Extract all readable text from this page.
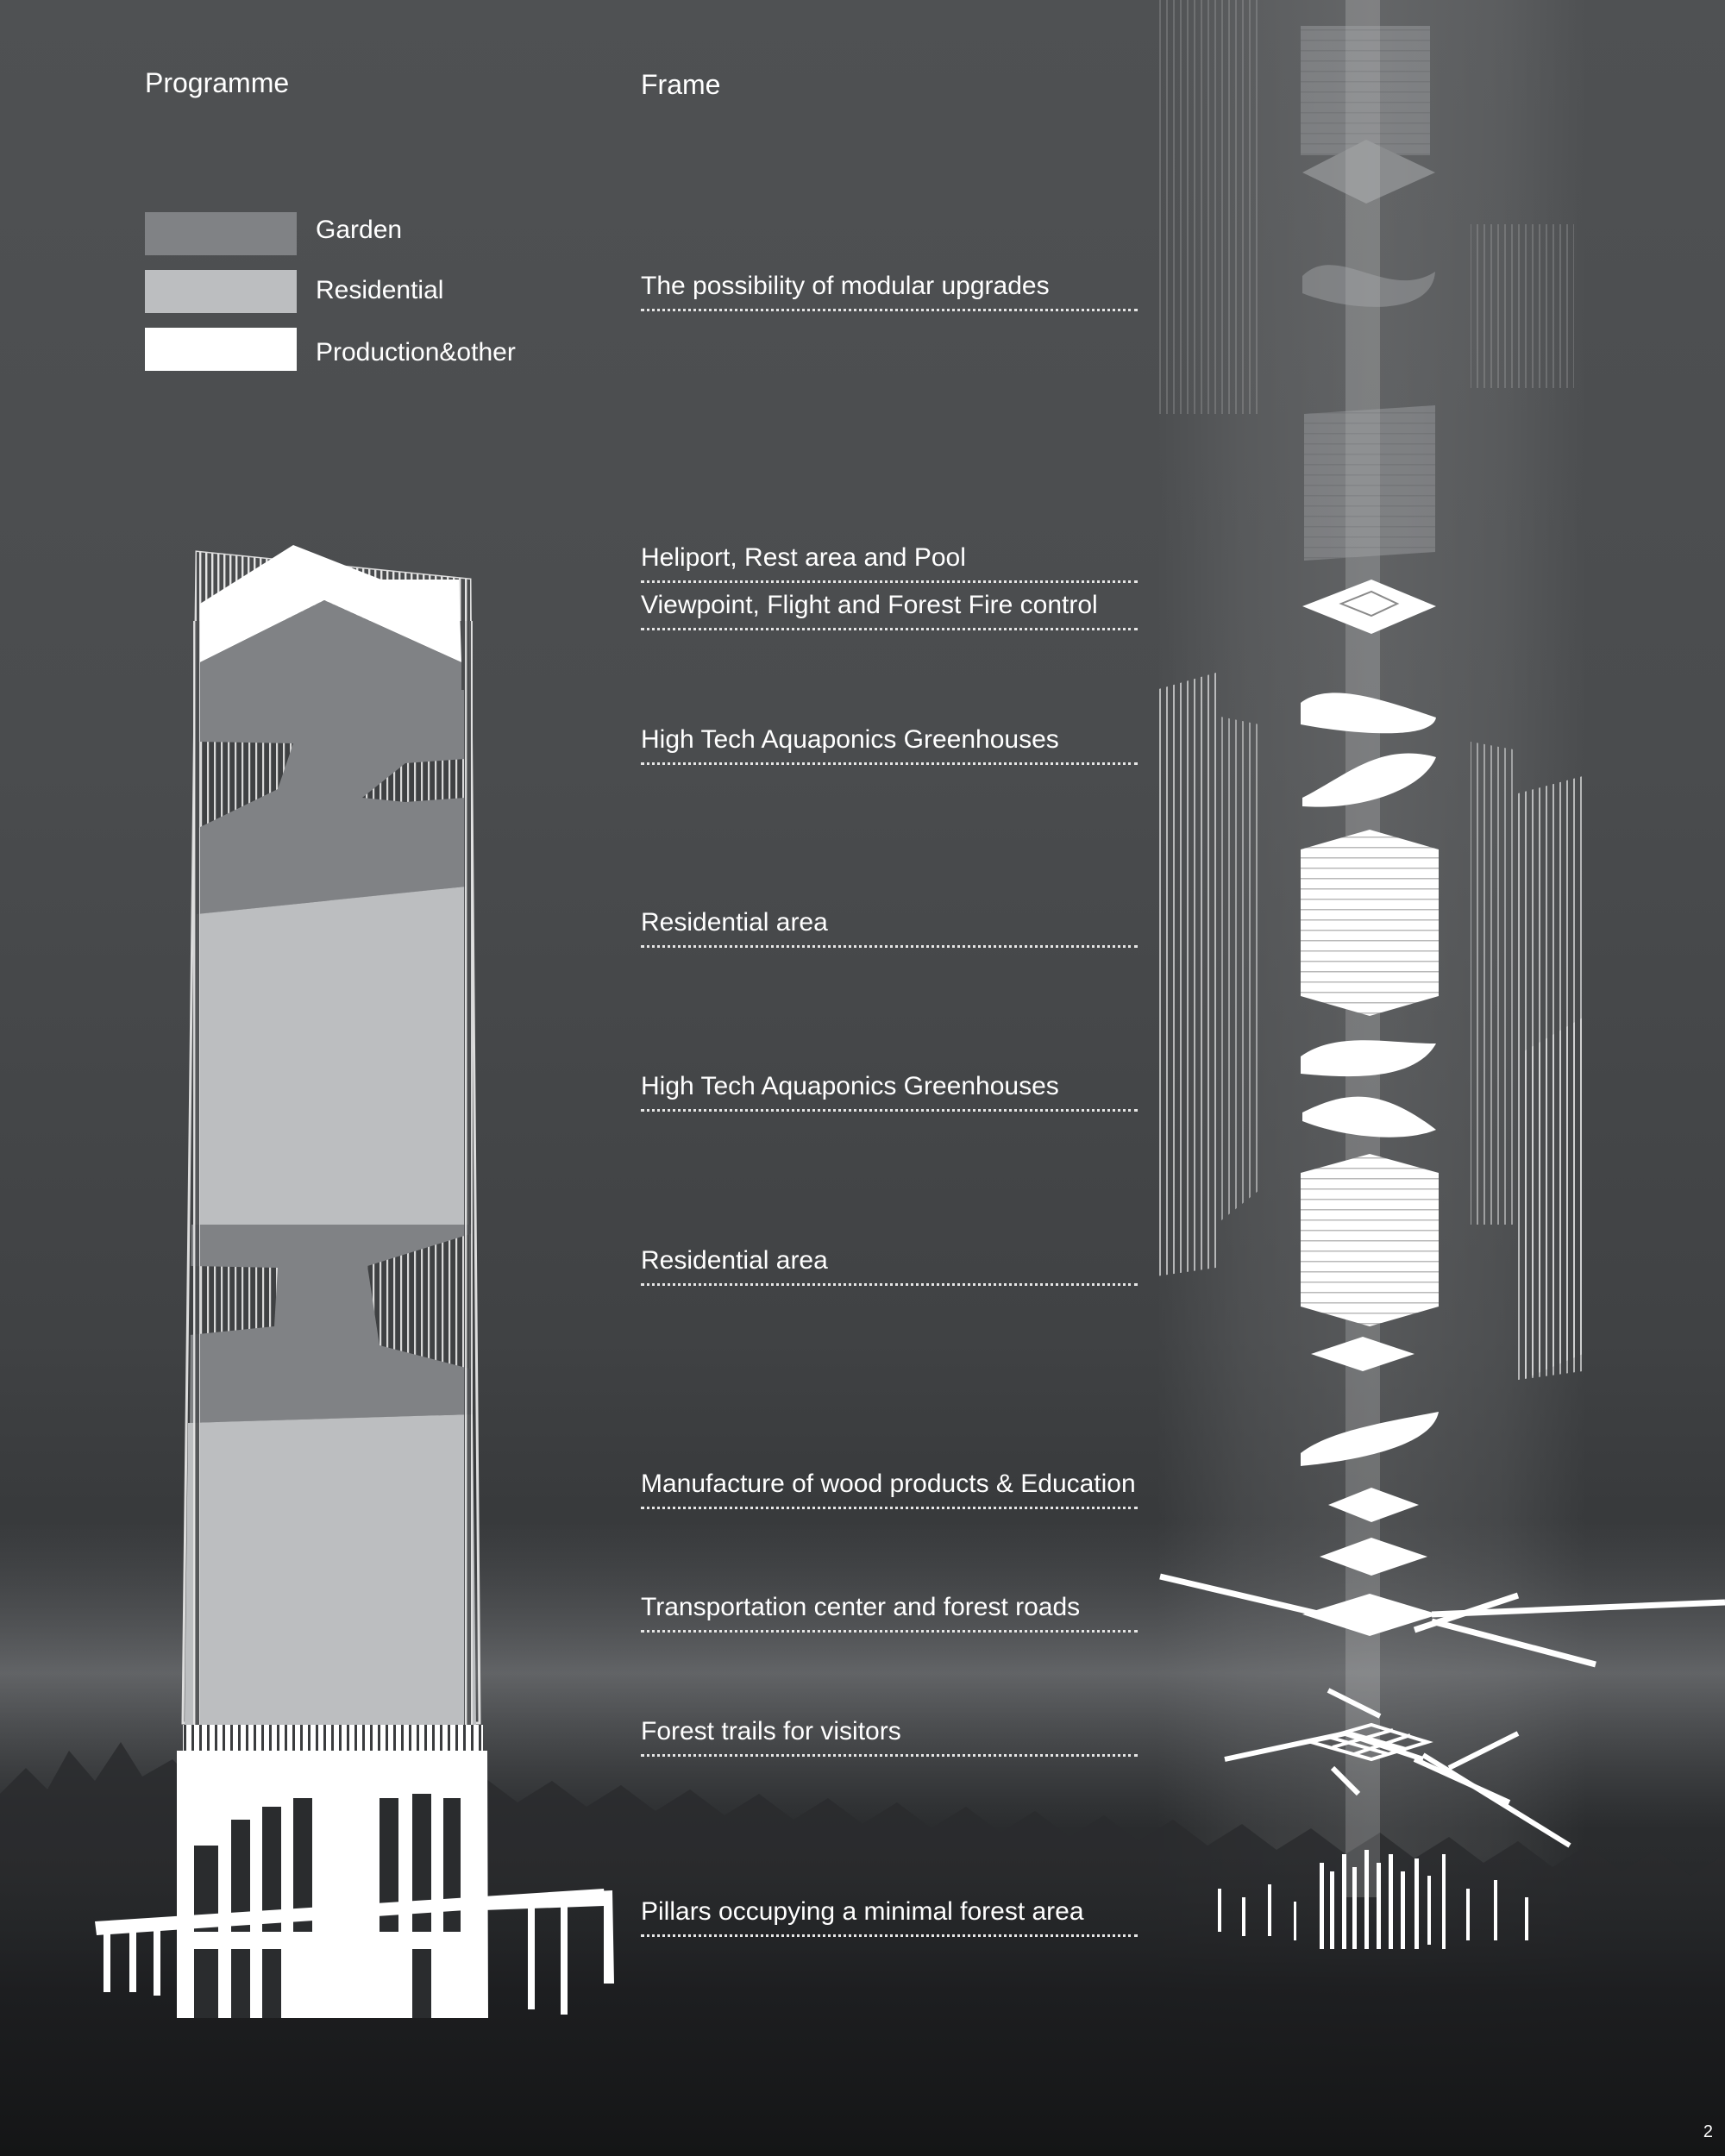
Programme
Garden
Residential
Production&other
Frame
The possibility of modular upgrades
Heliport, Rest area and Pool
Viewpoint, Flight and Forest Fire control
High Tech Aquaponics Greenhouses
Residential area
High Tech Aquaponics Greenhouses
Residential area
Manufacture of wood products & Education
Transportation center and forest roads
Forest trails for visitors
Pillars occupying a minimal forest area
2
